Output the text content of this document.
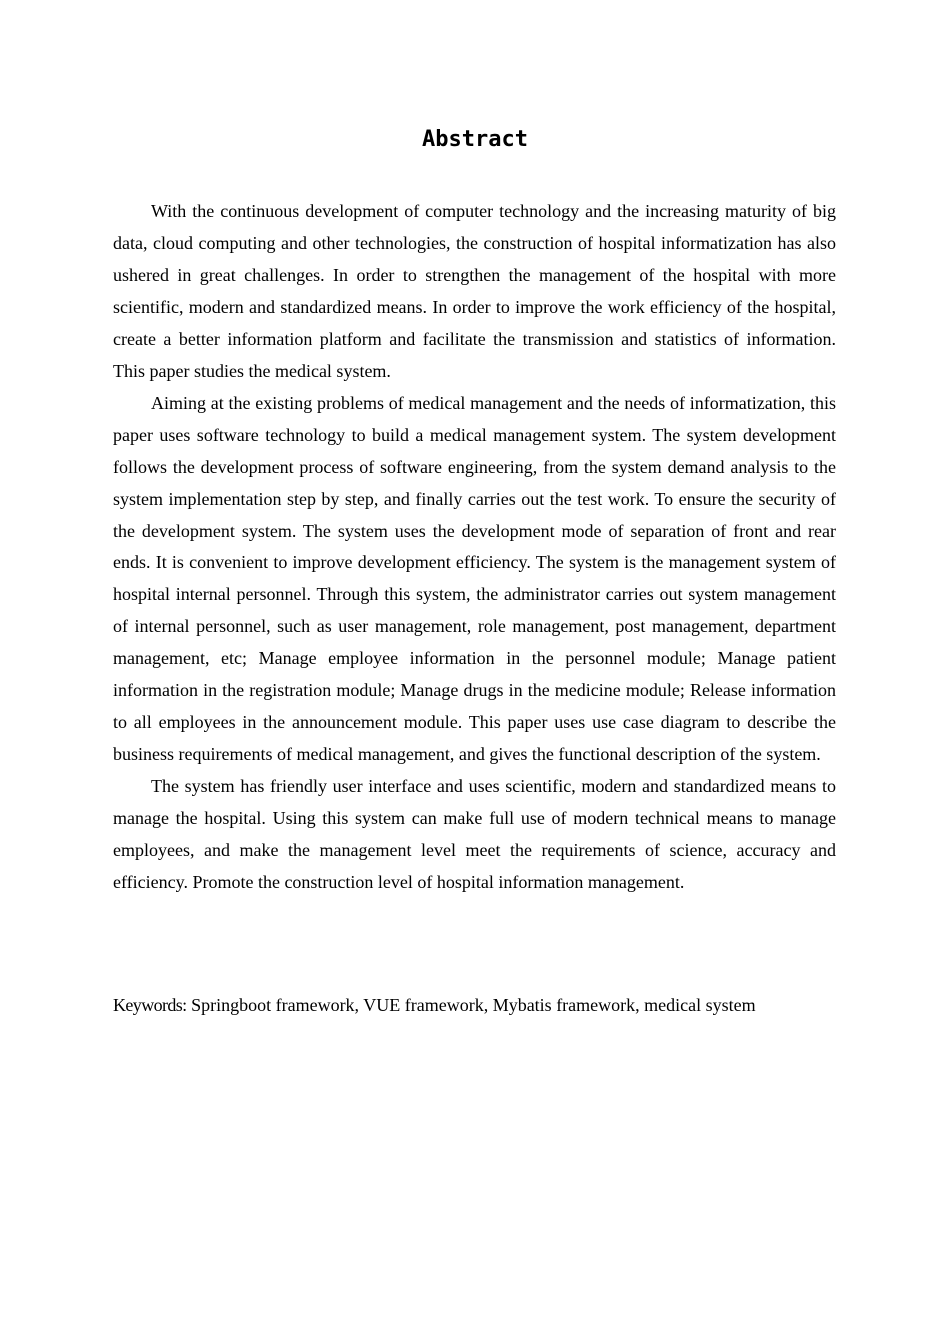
Abstract

With the continuous development of computer technology and the increasing maturity of big data, cloud computing and other technologies, the construction of hospital informatization has also ushered in great challenges. In order to strengthen the management of the hospital with more scientific, modern and standardized means. In order to improve the work efficiency of the hospital, create a better information platform and facilitate the transmission and statistics of information. This paper studies the medical system.

Aiming at the existing problems of medical management and the needs of informatization, this paper uses software technology to build a medical management system. The system development follows the development process of software engineering, from the system demand analysis to the system implementation step by step, and finally carries out the test work. To ensure the security of the development system. The system uses the development mode of separation of front and rear ends. It is convenient to improve development efficiency. The system is the management system of hospital internal personnel. Through this system, the administrator carries out system management of internal personnel, such as user management, role management, post management, department management, etc; Manage employee information in the personnel module; Manage patient information in the registration module; Manage drugs in the medicine module; Release information to all employees in the announcement module. This paper uses use case diagram to describe the business requirements of medical management, and gives the functional description of the system.

The system has friendly user interface and uses scientific, modern and standardized means to manage the hospital. Using this system can make full use of modern technical means to manage employees, and make the management level meet the requirements of science, accuracy and efficiency. Promote the construction level of hospital information management.

Keywords: Springboot framework, VUE framework, Mybatis framework, medical system
